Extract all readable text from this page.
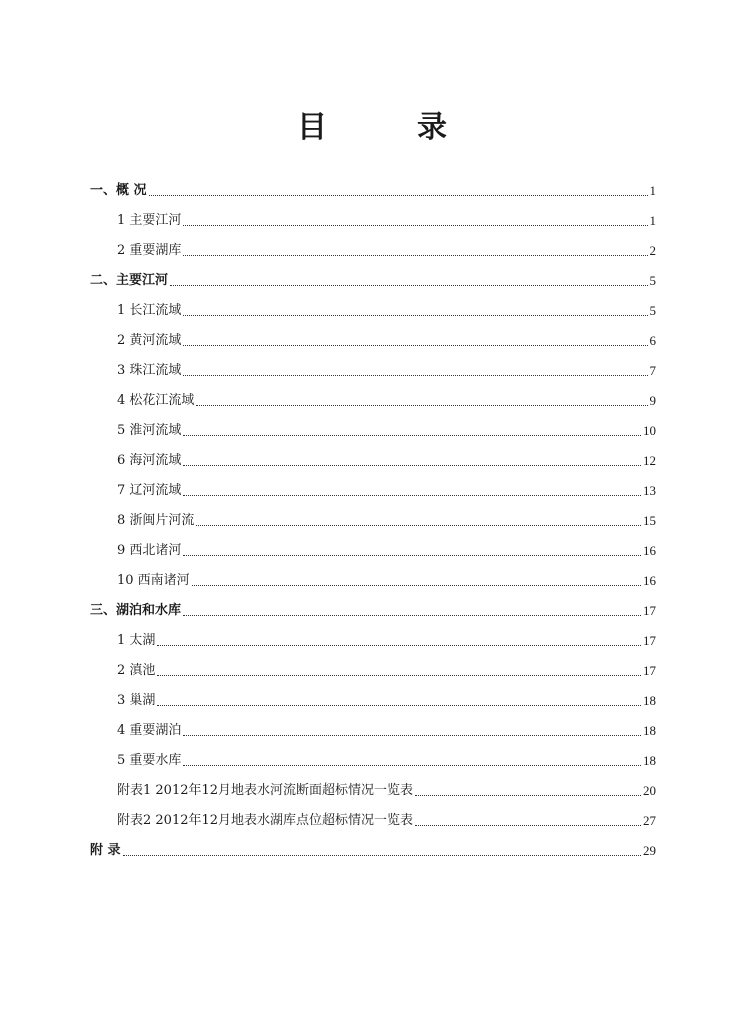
目　录
一、概 况	1
1 主要江河	1
2 重要湖库	2
二、主要江河	5
1 长江流域	5
2 黄河流域	6
3 珠江流域	7
4 松花江流域	9
5 淮河流域	10
6 海河流域	12
7 辽河流域	13
8 浙闽片河流	15
9 西北诸河	16
10 西南诸河	16
三、湖泊和水库	17
1 太湖	17
2 滇池	17
3 巢湖	18
4 重要湖泊	18
5 重要水库	18
附表1 2012年12月地表水河流断面超标情况一览表	20
附表2 2012年12月地表水湖库点位超标情况一览表	27
附 录	29
